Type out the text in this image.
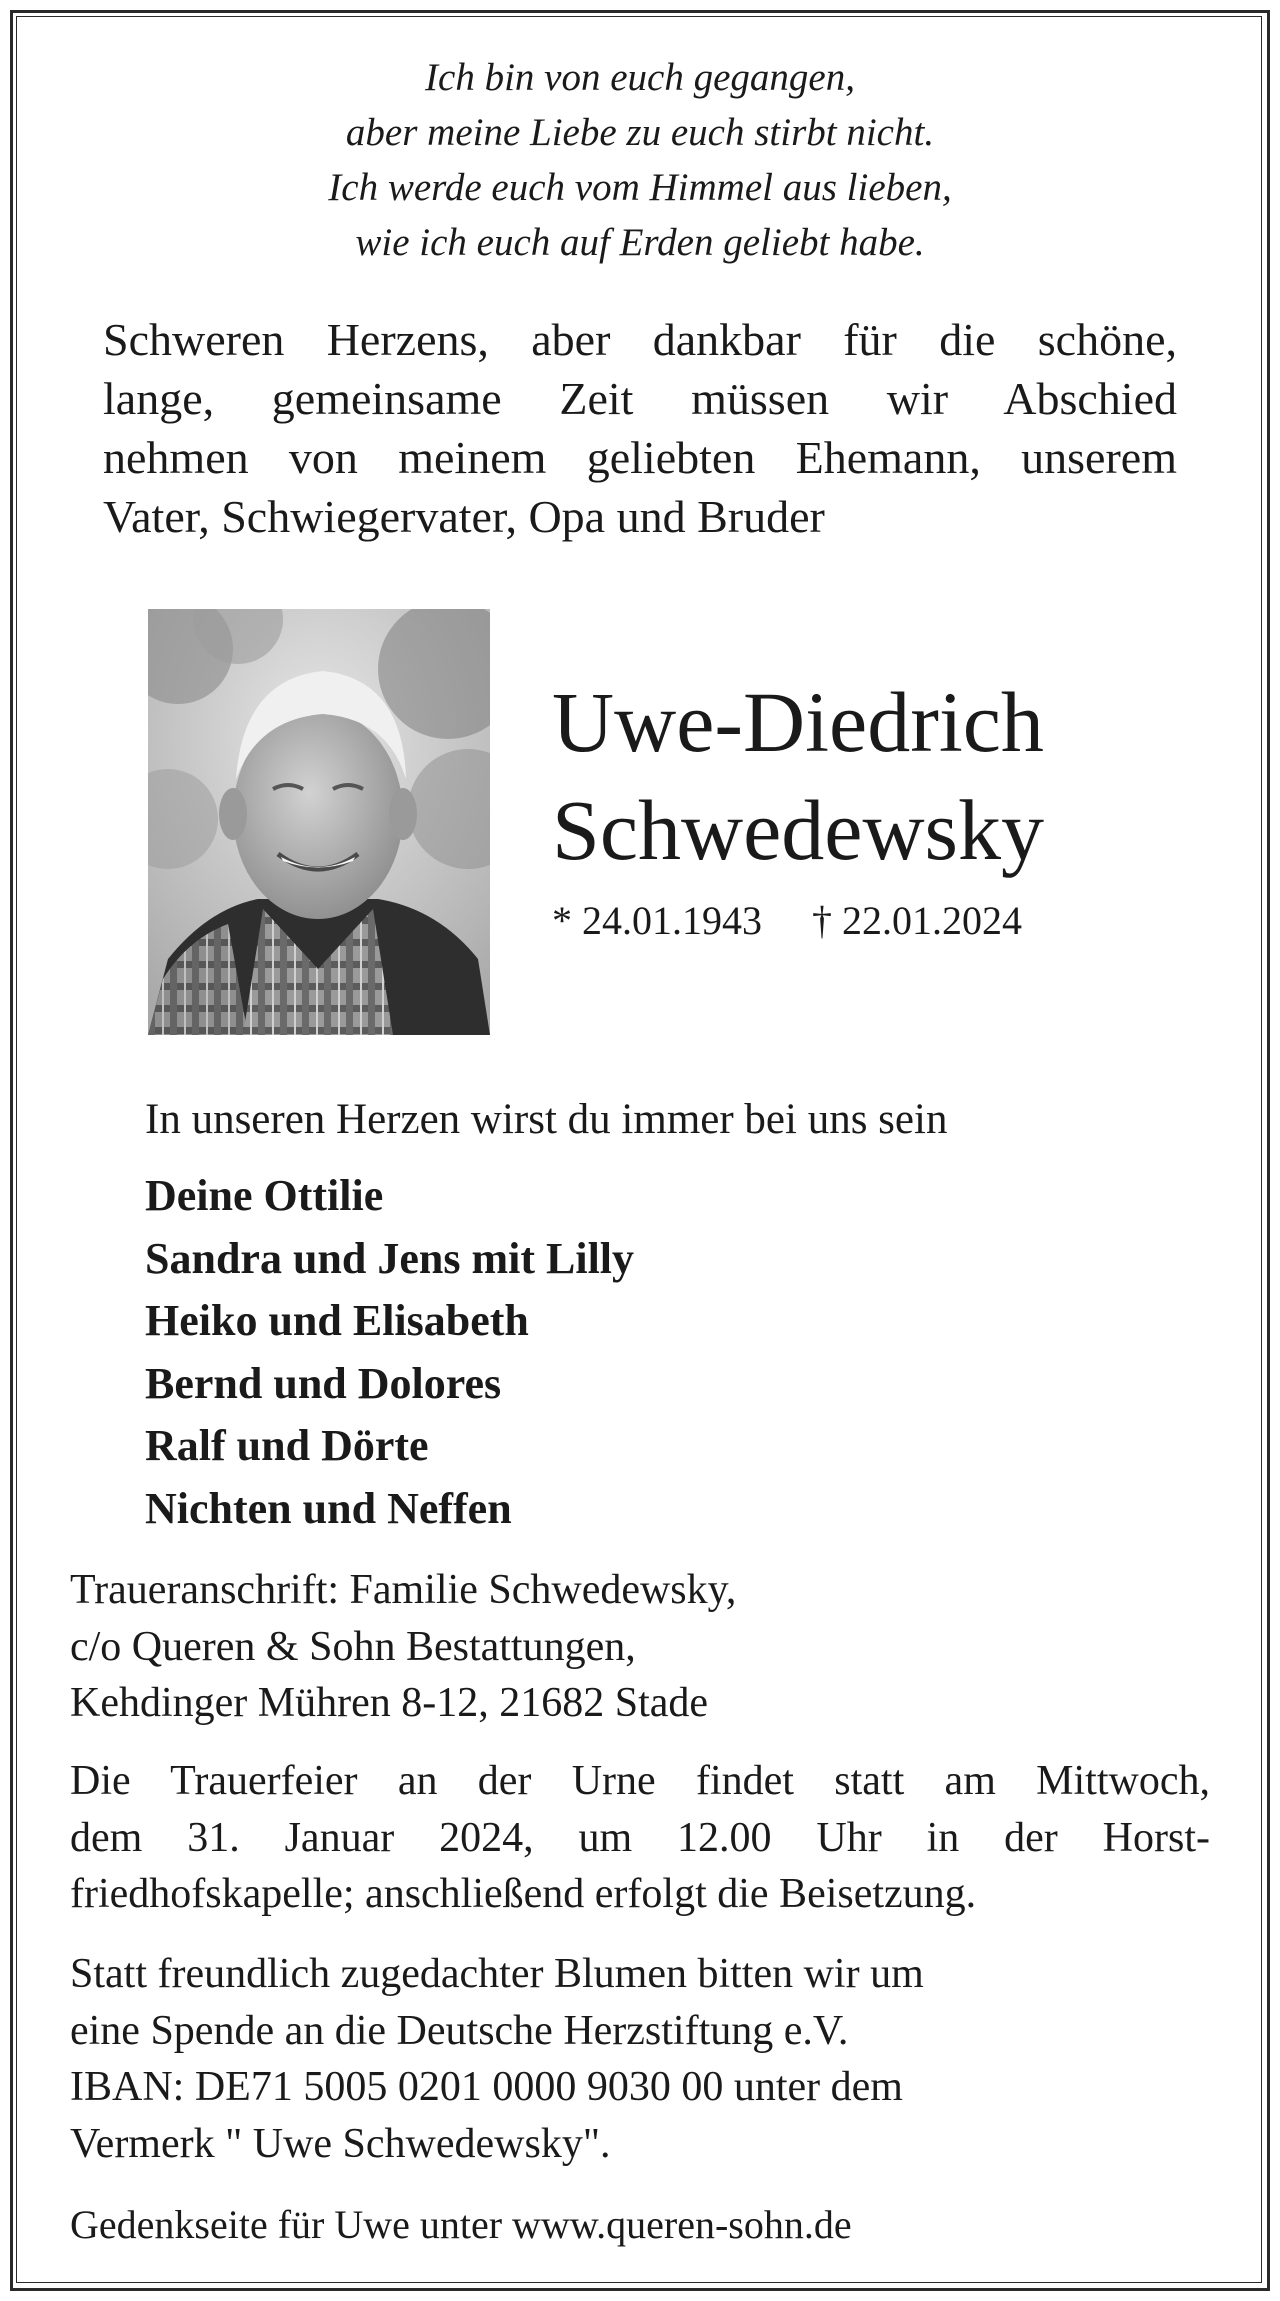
Ich bin von euch gegangen,
aber meine Liebe zu euch stirbt nicht.
Ich werde euch vom Himmel aus lieben,
wie ich euch auf Erden geliebt habe.
Schweren Herzens, aber dankbar für die schöne,
lange, gemeinsame Zeit müssen wir Abschied
nehmen von meinem geliebten Ehemann, unserem
Vater, Schwiegervater, Opa und Bruder
Uwe-Diedrich
Schwedewsky
* 24.01.1943 † 22.01.2024
In unseren Herzen wirst du immer bei uns sein
Deine Ottilie
Sandra und Jens mit Lilly
Heiko und Elisabeth
Bernd und Dolores
Ralf und Dörte
Nichten und Neffen
Traueranschrift: Familie Schwedewsky,
c/o Queren & Sohn Bestattungen,
Kehdinger Mühren 8-12, 21682 Stade
Die Trauerfeier an der Urne findet statt am Mittwoch,
dem 31. Januar 2024, um 12.00 Uhr in der Horst-
friedhofskapelle; anschließend erfolgt die Beisetzung.
Statt freundlich zugedachter Blumen bitten wir um
eine Spende an die Deutsche Herzstiftung e.V.
IBAN: DE71 5005 0201 0000 9030 00 unter dem
Vermerk " Uwe Schwedewsky".
Gedenkseite für Uwe unter www.queren-sohn.de
